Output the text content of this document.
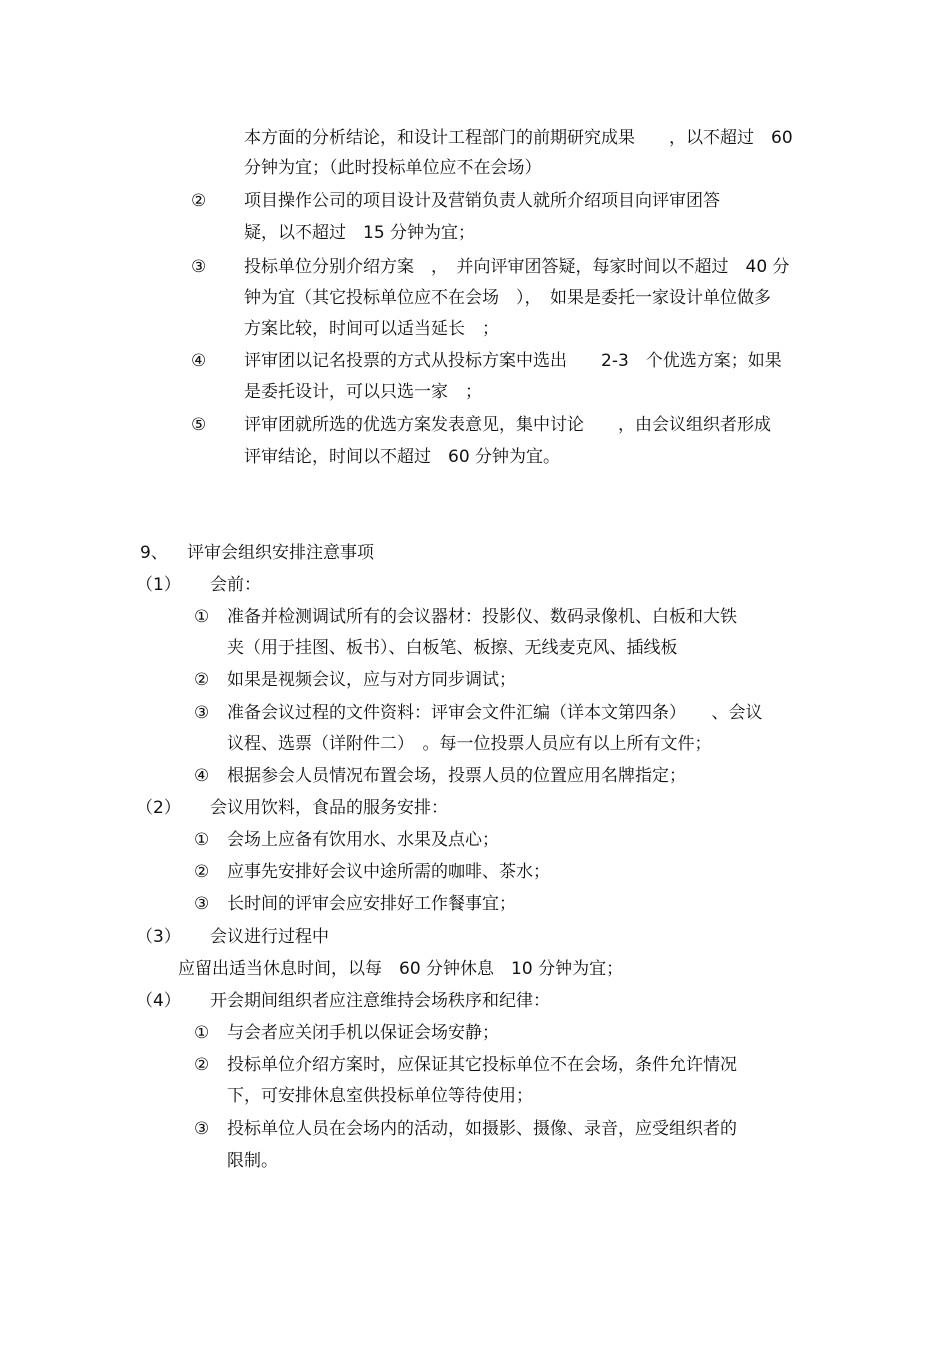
本方面的分析结论，和设计工程部门的前期研究成果　　，以不超过　60
分钟为宜；（此时投标单位应不在会场）
② 项目操作公司的项目设计及营销负责人就所介绍项目向评审团答
疑，以不超过　15 分钟为宜；
③ 投标单位分别介绍方案　，　并向评审团答疑，每家时间以不超过　40 分
钟为宜（其它投标单位应不在会场　），　如果是委托一家设计单位做多
方案比较，时间可以适当延长　；
④ 评审团以记名投票的方式从投标方案中选出　　2-3　个优选方案；如果
是委托设计，可以只选一家　；
⑤ 评审团就所选的优选方案发表意见，集中讨论　　，由会议组织者形成
评审结论，时间以不超过　60 分钟为宜。
9、 评审会组织安排注意事项
（1） 会前：
① 准备并检测调试所有的会议器材：投影仪、数码录像机、白板和大铁
夹（用于挂图、板书）、白板笔、板擦、无线麦克风、插线板
② 如果是视频会议，应与对方同步调试；
③ 准备会议过程的文件资料：评审会文件汇编（详本文第四条）　　、会议
议程、选票（详附件二）　。每一位投票人员应有以上所有文件；
④ 根据参会人员情况布置会场，投票人员的位置应用名牌指定；
（2） 会议用饮料，食品的服务安排：
① 会场上应备有饮用水、水果及点心；
② 应事先安排好会议中途所需的咖啡、茶水；
③ 长时间的评审会应安排好工作餐事宜；
（3） 会议进行过程中
应留出适当休息时间，以每　60 分钟休息　10 分钟为宜；
（4） 开会期间组织者应注意维持会场秩序和纪律：
① 与会者应关闭手机以保证会场安静；
② 投标单位介绍方案时，应保证其它投标单位不在会场，条件允许情况
下，可安排休息室供投标单位等待使用；
③ 投标单位人员在会场内的活动，如摄影、摄像、录音，应受组织者的
限制。
